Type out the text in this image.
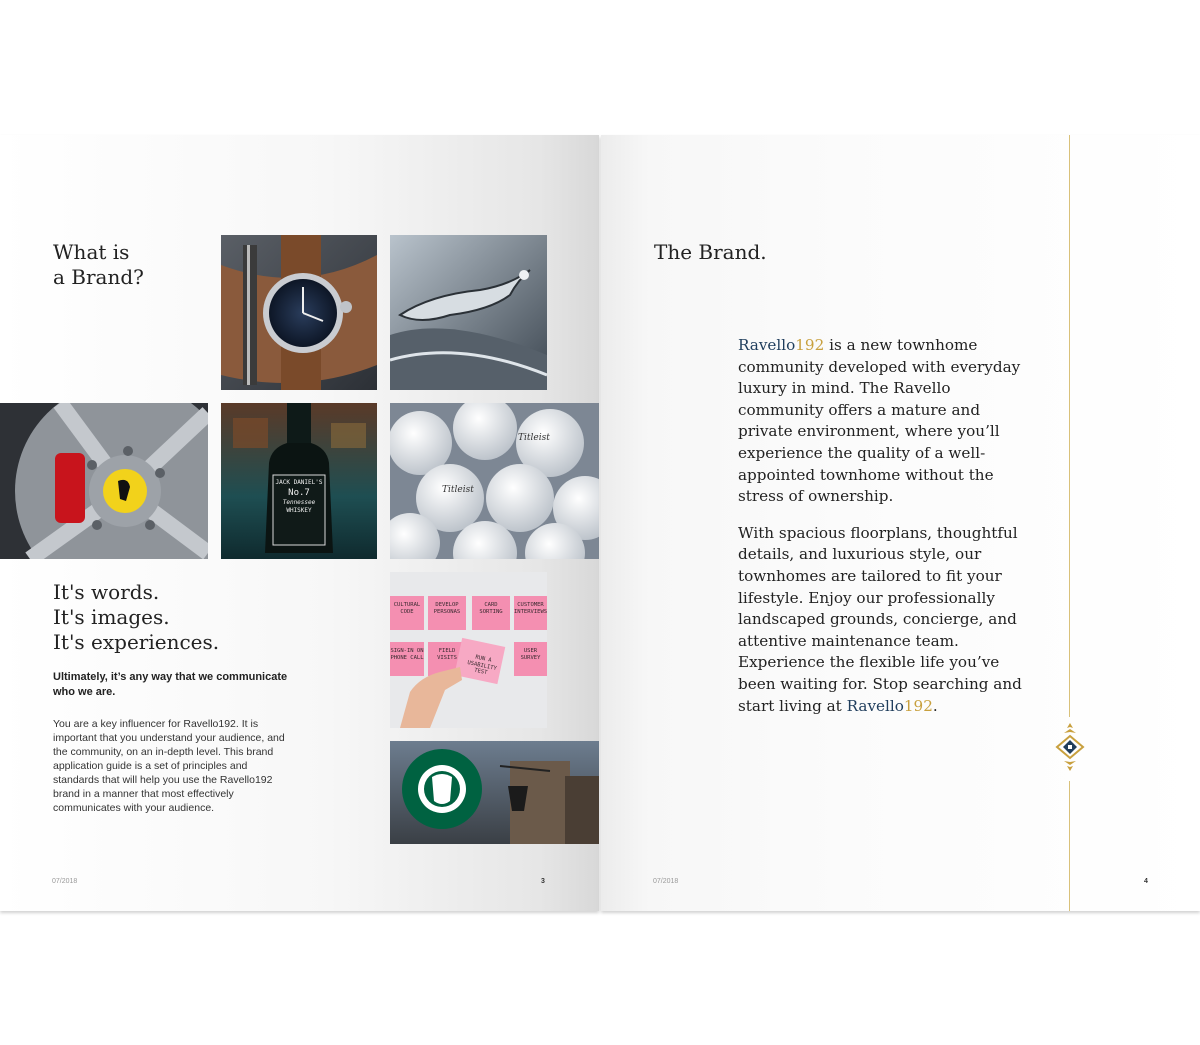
What is
a Brand?
JACK DANIEL'S
No.7
Tennessee
WHISKEY
Titleist
Titleist
CULTURAL CODE
DEVELOP PERSONAS
CARD SORTING
CUSTOMER INTERVIEWS
SIGN-IN ON PHONE CALL
FIELD VISITS	RUN A USABILITY TEST
USER SURVEY
It's words.
It's images.
It's experiences.

Ultimately, it’s any way that we communicate who we are.

You are a key influencer for Ravello192. It is important that you understand your audience, and the community, on an in-depth level. This brand application guide is a set of principles and standards that will help you use the Ravello192 brand in a manner that most effectively communicates with your audience.

07/2018	3
The Brand.

Ravello192 is a new townhome community developed with everyday luxury in mind. The Ravello community offers a mature and private environment, where you’ll experience the quality of a well-appointed townhome without the stress of ownership.

With spacious floorplans, thoughtful details, and luxurious style, our townhomes are tailored to fit your lifestyle. Enjoy our professionally landscaped grounds, concierge, and attentive maintenance team. Experience the flexible life you’ve been waiting for. Stop searching and start living at Ravello192.

07/2018	4
